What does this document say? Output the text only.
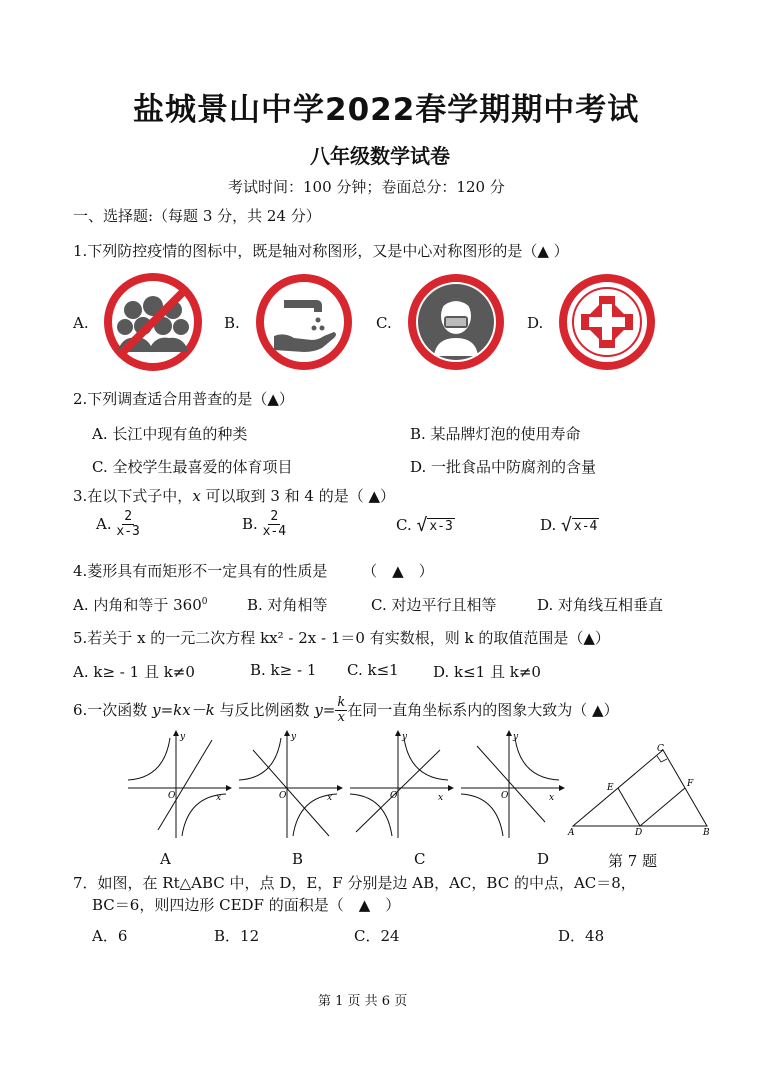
盐城景山中学2022春学期期中考试
八年级数学试卷
考试时间：100 分钟；卷面总分：120 分
一、选择题:（每题 3 分，共 24 分）
1.下列防控疫情的图标中，既是轴对称图形，又是中心对称图形的是（▲ ）
A.	B.	C.	D.
2.下列调查适合用普查的是（▲）
A. 长江中现有鱼的种类	B. 某品牌灯泡的使用寿命
C. 全校学生最喜爱的体育项目	D. 一批食品中防腐剂的含量
3.在以下式子中，x 可以取到 3 和 4 的是（ ▲）
A. $\frac{2}{x-3}$	B. $\frac{2}{x-4}$	C. √ x-3	D. √ x-4
4.菱形具有而矩形不一定具有的性质是　　 （　▲　）
A. 内角和等于 $360^0$	B. 对角相等	C. 对边平行且相等	D. 对角线互相垂直
5.若关于 x 的一元二次方程 kx² - 2x - 1＝0 有实数根，则 k 的取值范围是（▲）
A. k≥ - 1 且 k≠0	B. k≥ - 1 C. k≤1 D. k≤1 且 k≠0
6.一次函数 y=kx－k 与反比例函数 $y= \frac{k}{x}$ 在同一直角坐标系内的图象大致为（ ▲）
y
x
O
A
y
x
O
B
y
x
O
C
y
x
O
D
A	B
C
D
E	F
第 7 题
7．如图，在 Rt△ABC 中，点 D，E，F 分别是边 AB，AC，BC 的中点，AC＝8，
BC＝6，则四边形 CEDF 的面积是（　▲　）
A．6	B．12	C．24	D．48
第 1 页 共 6 页
